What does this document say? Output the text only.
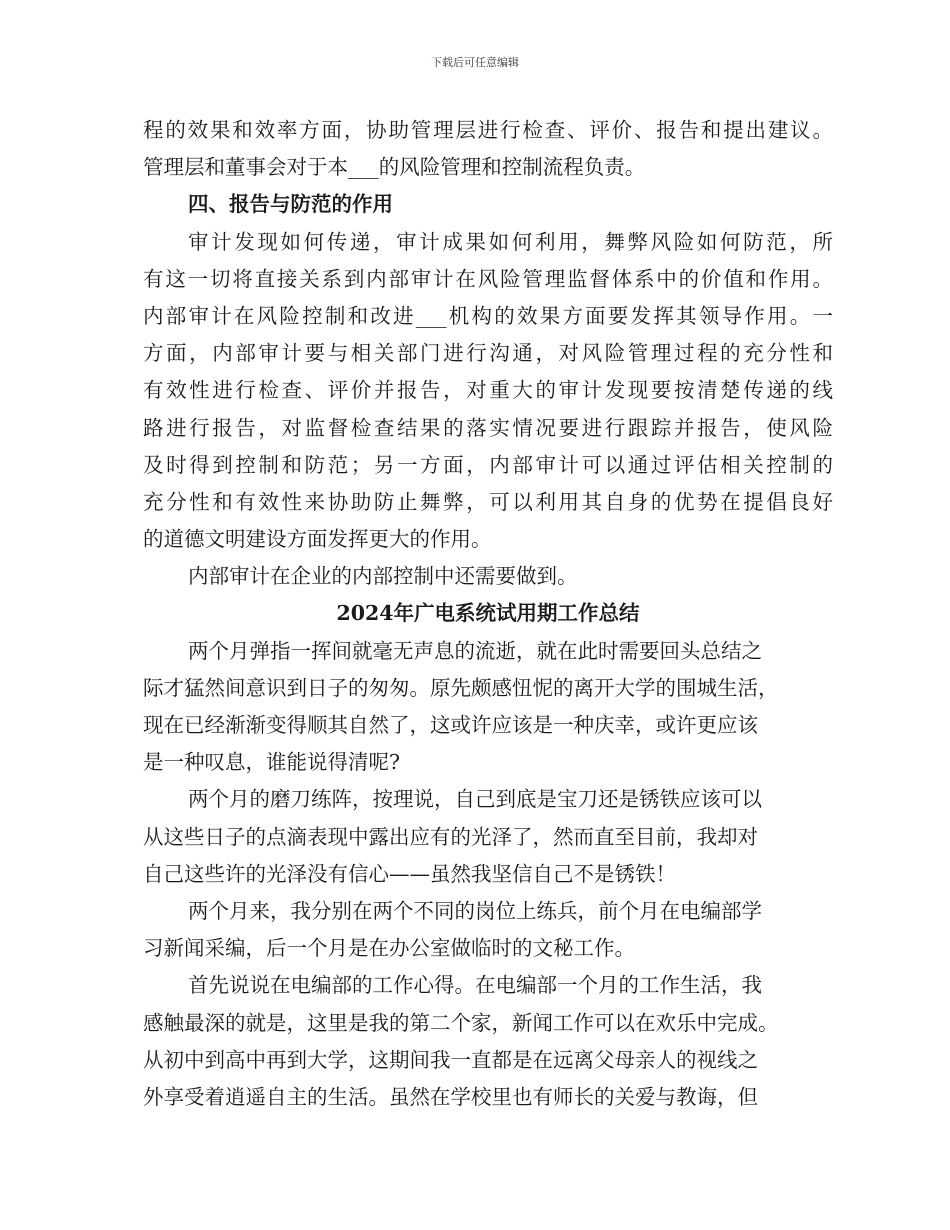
下载后可任意编辑
程的效果和效率方面，协助管理层进行检查、评价、报告和提出建议。
管理层和董事会对于本___的风险管理和控制流程负责。
四、报告与防范的作用
审计发现如何传递，审计成果如何利用，舞弊风险如何防范，所
有这一切将直接关系到内部审计在风险管理监督体系中的价值和作用。
内部审计在风险控制和改进___机构的效果方面要发挥其领导作用。一
方面，内部审计要与相关部门进行沟通，对风险管理过程的充分性和
有效性进行检查、评价并报告，对重大的审计发现要按清楚传递的线
路进行报告，对监督检查结果的落实情况要进行跟踪并报告，使风险
及时得到控制和防范；另一方面，内部审计可以通过评估相关控制的
充分性和有效性来协助防止舞弊，可以利用其自身的优势在提倡良好
的道德文明建设方面发挥更大的作用。
内部审计在企业的内部控制中还需要做到。
2024年广电系统试用期工作总结
两个月弹指一挥间就毫无声息的流逝，就在此时需要回头总结之
际才猛然间意识到日子的匆匆。原先颇感忸怩的离开大学的围城生活，
现在已经渐渐变得顺其自然了，这或许应该是一种庆幸，或许更应该
是一种叹息，谁能说得清呢?
两个月的磨刀练阵，按理说，自己到底是宝刀还是锈铁应该可以
从这些日子的点滴表现中露出应有的光泽了，然而直至目前，我却对
自己这些许的光泽没有信心——虽然我坚信自己不是锈铁！
两个月来，我分别在两个不同的岗位上练兵，前个月在电编部学
习新闻采编，后一个月是在办公室做临时的文秘工作。
首先说说在电编部的工作心得。在电编部一个月的工作生活，我
感触最深的就是，这里是我的第二个家，新闻工作可以在欢乐中完成。
从初中到高中再到大学，这期间我一直都是在远离父母亲人的视线之
外享受着逍遥自主的生活。虽然在学校里也有师长的关爱与教诲，但
